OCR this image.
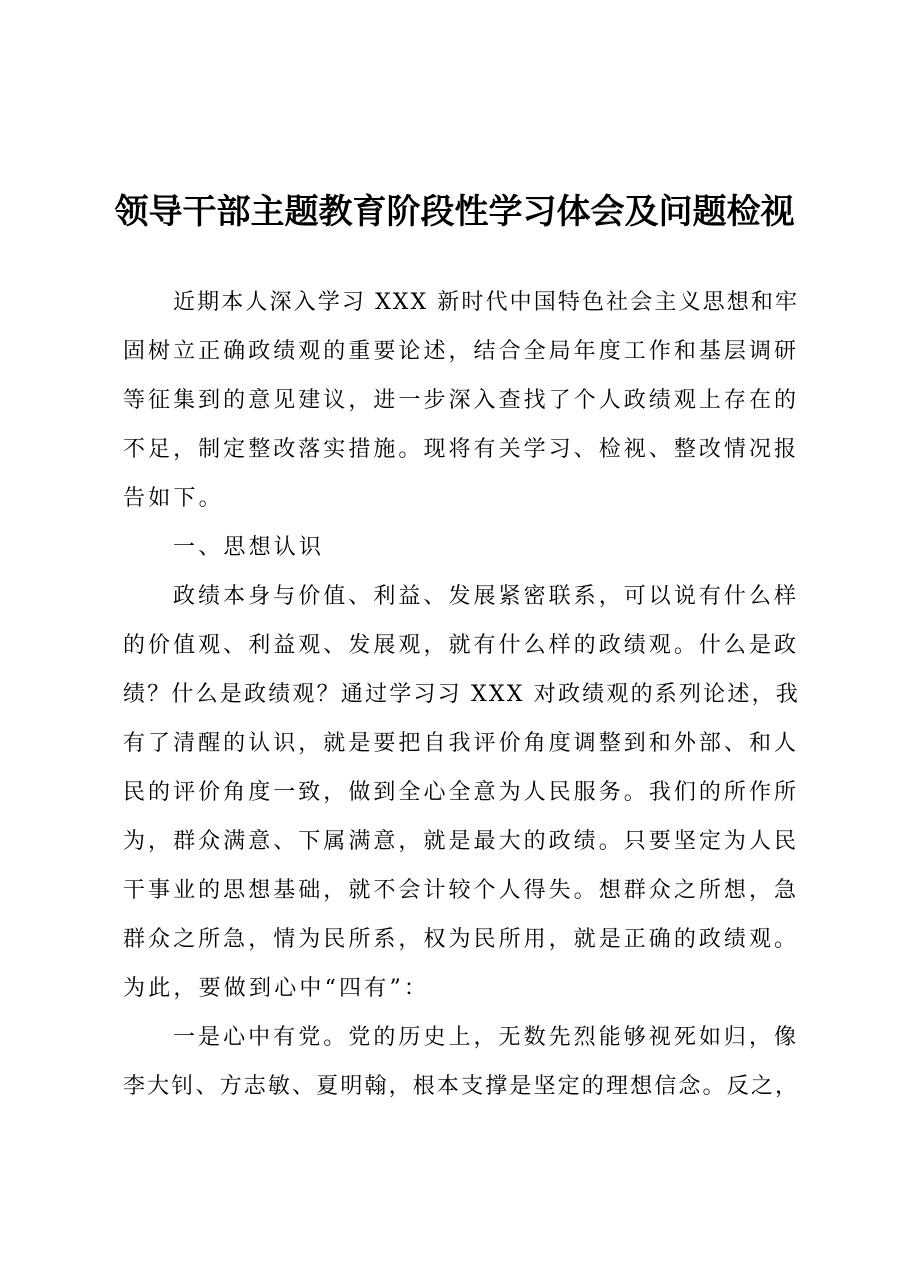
领导干部主题教育阶段性学习体会及问题检视
近期本人深入学习 XXX 新时代中国特色社会主义思想和牢
固树立正确政绩观的重要论述，结合全局年度工作和基层调研
等征集到的意见建议，进一步深入查找了个人政绩观上存在的
不足，制定整改落实措施。现将有关学习、检视、整改情况报
告如下。
一、思想认识
政绩本身与价值、利益、发展紧密联系，可以说有什么样
的价值观、利益观、发展观，就有什么样的政绩观。什么是政
绩？什么是政绩观？通过学习习 XXX 对政绩观的系列论述，我
有了清醒的认识，就是要把自我评价角度调整到和外部、和人
民的评价角度一致，做到全心全意为人民服务。我们的所作所
为，群众满意、下属满意，就是最大的政绩。只要坚定为人民
干事业的思想基础，就不会计较个人得失。想群众之所想，急
群众之所急，情为民所系，权为民所用，就是正确的政绩观。
为此，要做到心中“四有”：
一是心中有党。党的历史上，无数先烈能够视死如归，像
李大钊、方志敏、夏明翰，根本支撑是坚定的理想信念。反之，
